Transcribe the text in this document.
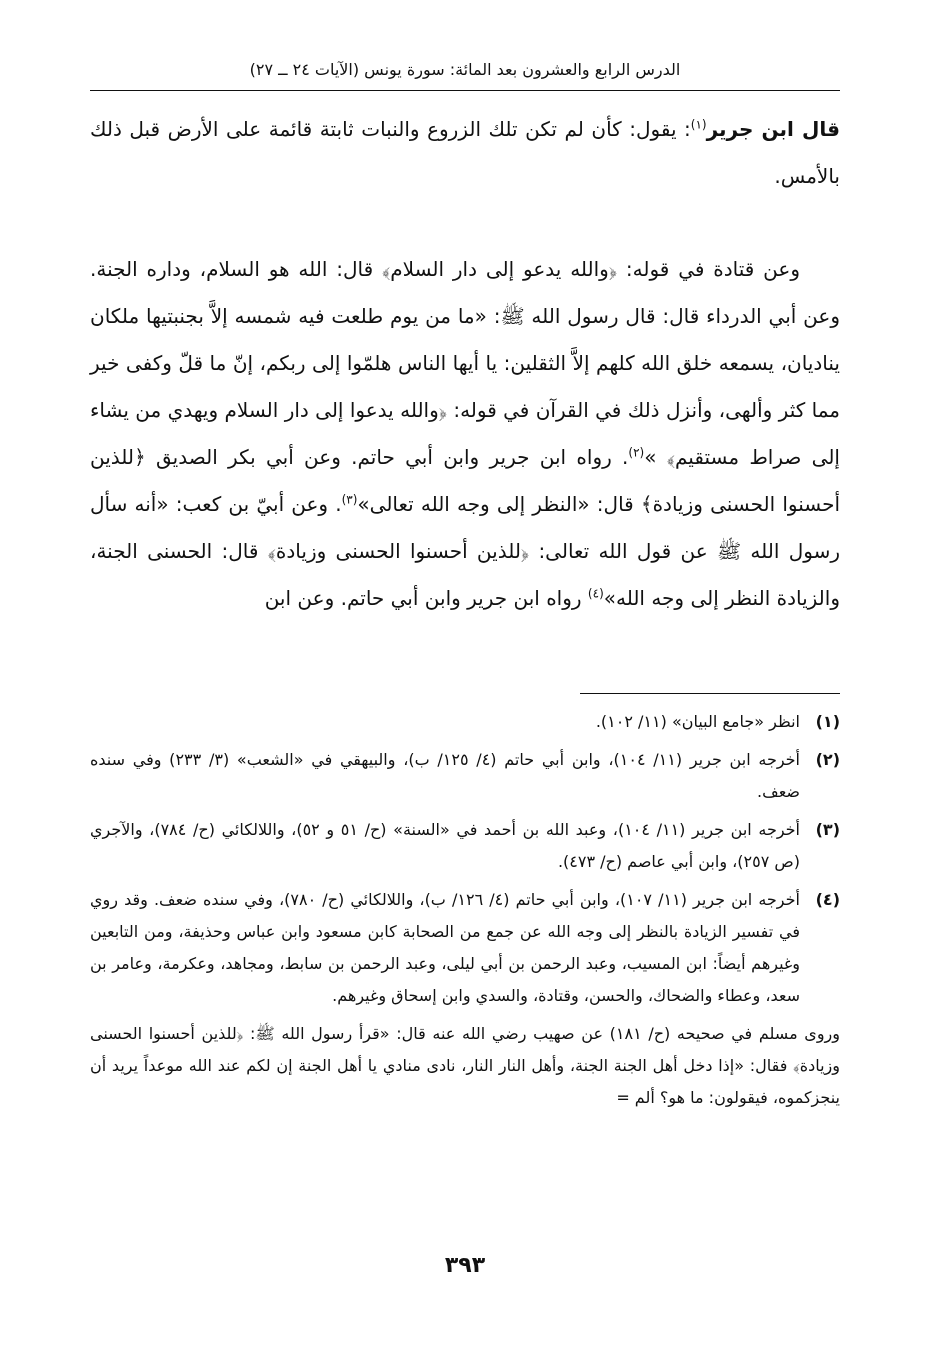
الدرس الرابع والعشرون بعد المائة: سورة يونس (الآيات ٢٤ ــ ٢٧)

قال ابن جرير$^{(١)}$: يقول: كأن لم تكن تلك الزروع والنبات ثابتة قائمة على الأرض قبل ذلك بالأمس.

وعن قتادة في قوله: ﴿والله يدعو إلى دار السلام﴾ قال: الله هو السلام، وداره الجنة. وعن أبي الدرداء قال: قال رسول الله ﷺ: «ما من يوم طلعت فيه شمسه إلاَّ بجنبتيها ملكان يناديان، يسمعه خلق الله كلهم إلاَّ الثقلين: يا أيها الناس هلمّوا إلى ربكم، إنّ ما قلّ وكفى خير مما كثر وألهى، وأنزل ذلك في القرآن في قوله: ﴿والله يدعوا إلى دار السلام ويهدي من يشاء إلى صراط مستقيم﴾ »$^{(٢)}$. رواه ابن جرير وابن أبي حاتم. وعن أبي بكر الصديق ﴿للذين أحسنوا الحسنى وزيادة﴾ قال: «النظر إلى وجه الله تعالى»$^{(٣)}$. وعن أبيّ بن كعب: «أنه سأل رسول الله ﷺ عن قول الله تعالى: ﴿للذين أحسنوا الحسنى وزيادة﴾ قال: الحسنى الجنة، والزيادة النظر إلى وجه الله»$^{(٤)}$ رواه ابن جرير وابن أبي حاتم. وعن ابن

(١)
انظر «جامع البيان» (١١/ ١٠٢).
(٢)
أخرجه ابن جرير (١١/ ١٠٤)، وابن أبي حاتم (٤/ ١٢٥/ ب)، والبيهقي في «الشعب» (٣/ ٢٣٣) وفي سنده ضعف.
(٣)
أخرجه ابن جرير (١١/ ١٠٤)، وعبد الله بن أحمد في «السنة» (ح/ ٥١ و ٥٢)، واللالكائي (ح/ ٧٨٤)، والآجري (ص ٢٥٧)، وابن أبي عاصم (ح/ ٤٧٣).
(٤)
أخرجه ابن جرير (١١/ ١٠٧)، وابن أبي حاتم (٤/ ١٢٦/ ب)، واللالكائي (ح/ ٧٨٠)، وفي سنده ضعف. وقد روي في تفسير الزيادة بالنظر إلى وجه الله عن جمع من الصحابة كابن مسعود وابن عباس وحذيفة، ومن التابعين وغيرهم أيضاً: ابن المسيب، وعبد الرحمن بن أبي ليلى، وعبد الرحمن بن سابط، ومجاهد، وعكرمة، وعامر بن سعد، وعطاء والضحاك، والحسن، وقتادة، والسدي وابن إسحاق وغيرهم.

وروى مسلم في صحيحه (ح/ ١٨١) عن صهيب رضي الله عنه قال: «قرأ رسول الله ﷺ: ﴿للذين أحسنوا الحسنى وزيادة﴾ فقال: «إذا دخل أهل الجنة الجنة، وأهل النار النار، نادى منادي يا أهل الجنة إن لكم عند الله موعداً يريد أن ينجزكموه، فيقولون: ما هو؟ ألم =

٣٩٣
